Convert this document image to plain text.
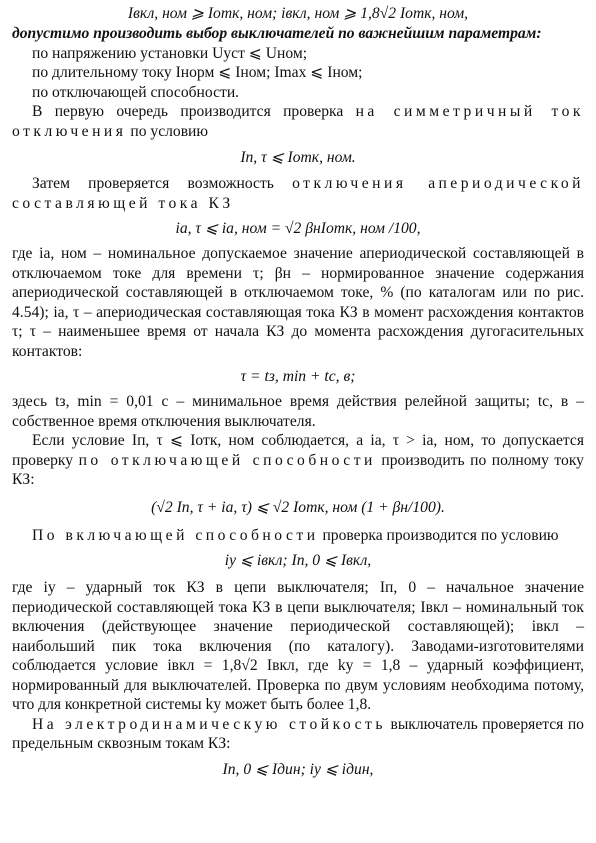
Iвкл, ном ⩾ Iотк, ном; iвкл, ном ⩾ 1,8√2 Iотк, ном,

допустимо производить выбор выключателей по важнейшим параметрам:

по напряжению установки Uуст ⩽ Uном;

по длительному току Iнорм ⩽ Iном; Imax ⩽ Iном;

по отключающей способности.

В первую очередь производится проверка на симметричный ток отключения по условию

Iп, τ ⩽ Iотк, ном.

Затем проверяется возможность отключения апериодической составляющей тока КЗ

iа, τ ⩽ iа, ном = √2 βнIотк, ном /100,

где iа, ном – номинальное допускаемое значение апериодической составляющей в отключаемом токе для времени τ; βн – нормированное значение содержания апериодической составляющей в отключаемом токе, % (по каталогам или по рис. 4.54); iа, τ – апериодическая составляющая тока КЗ в момент расхождения контактов τ; τ – наименьшее время от начала КЗ до момента расхождения дугогасительных контактов:

τ = tз, min + tс, в;

здесь tз, min = 0,01 с – минимальное время действия релейной защиты; tс, в – собственное время отключения выключателя.

Если условие Iп, τ ⩽ Iотк, ном соблюдается, а iа, τ > iа, ном, то допускается проверку по отключающей способности производить по полному току КЗ:

(√2 Iп, τ + iа, τ) ⩽ √2 Iотк, ном (1 + βн/100).

По включающей способности проверка производится по условию

iу ⩽ iвкл; Iп, 0 ⩽ Iвкл,

где iу – ударный ток КЗ в цепи выключателя; Iп, 0 – начальное значение периодической составляющей тока КЗ в цепи выключателя; Iвкл – номинальный ток включения (действующее значение периодической составляющей); iвкл – наибольший пик тока включения (по каталогу). Заводами-изготовителями соблюдается условие iвкл = 1,8√2 Iвкл, где kу = 1,8 – ударный коэффициент, нормированный для выключателей. Проверка по двум условиям необходима потому, что для конкретной системы kу может быть более 1,8.

На электродинамическую стойкость выключатель проверяется по предельным сквозным токам КЗ:

Iп, 0 ⩽ Iдин; iу ⩽ iдин,
